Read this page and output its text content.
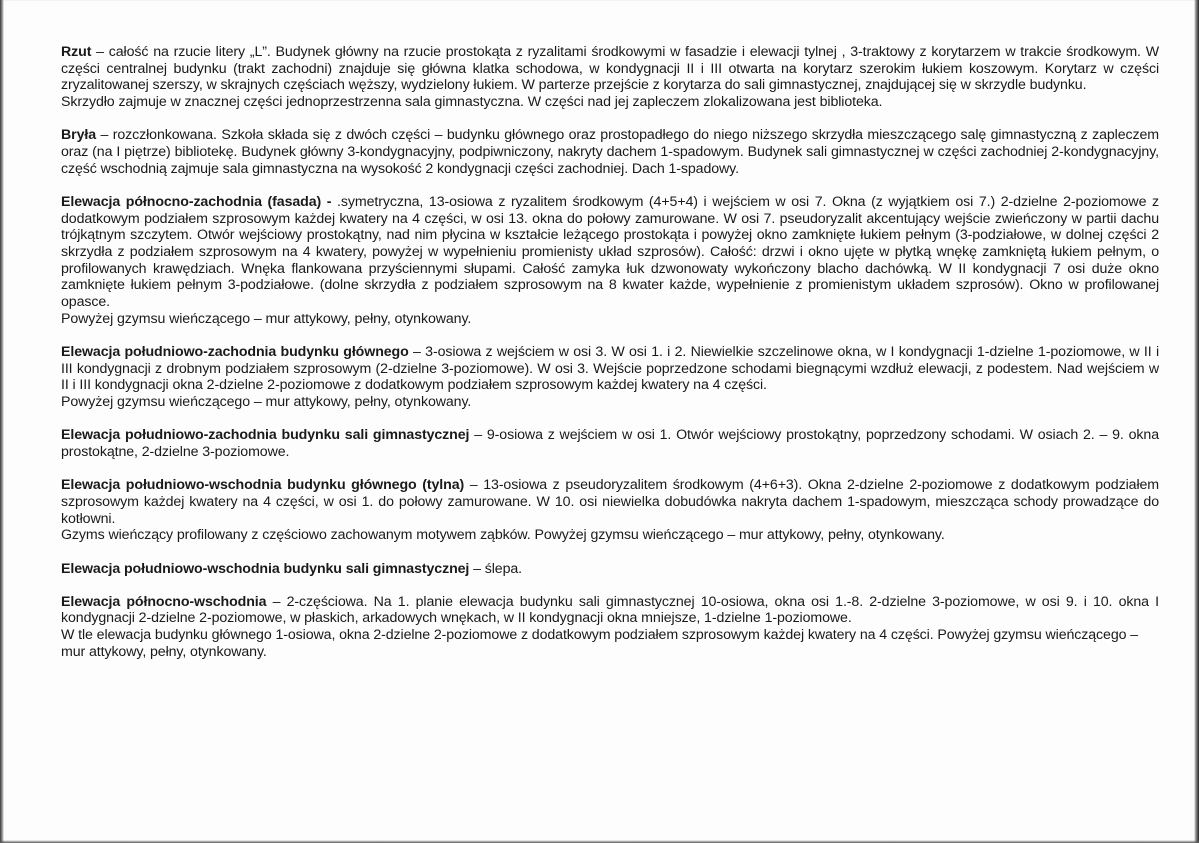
Rzut – całość na rzucie litery „L”. Budynek główny na rzucie prostokąta z ryzalitami środkowymi w fasadzie i elewacji tylnej , 3-traktowy z korytarzem w trakcie środkowym. W części centralnej budynku (trakt zachodni) znajduje się główna klatka schodowa, w kondygnacji II i III otwarta na korytarz szerokim łukiem koszowym. Korytarz w części zryzalitowanej szerszy, w skrajnych częściach węższy, wydzielony łukiem. W parterze przejście z korytarza do sali gimnastycznej, znajdującej się w skrzydle budynku.

Skrzydło zajmuje w znacznej części jednoprzestrzenna sala gimnastyczna. W części nad jej zapleczem zlokalizowana jest biblioteka.

Bryła – rozczłonkowana. Szkoła składa się z dwóch części – budynku głównego oraz prostopadłego do niego niższego skrzydła mieszczącego salę gimnastyczną z zapleczem oraz (na I piętrze) bibliotekę. Budynek główny 3-kondygnacyjny, podpiwniczony, nakryty dachem 1-spadowym. Budynek sali gimnastycznej w części zachodniej 2-kondygnacyjny, część wschodnią zajmuje sala gimnastyczna na wysokość 2 kondygnacji części zachodniej. Dach 1-spadowy.

Elewacja północno-zachodnia (fasada) - .symetryczna, 13-osiowa z ryzalitem środkowym (4+5+4) i wejściem w osi 7. Okna (z wyjątkiem osi 7.) 2-dzielne 2-poziomowe z dodatkowym podziałem szprosowym każdej kwatery na 4 części, w osi 13. okna do połowy zamurowane. W osi 7. pseudoryzalit akcentujący wejście zwieńczony w partii dachu trójkątnym szczytem. Otwór wejściowy prostokątny, nad nim płycina w kształcie leżącego prostokąta i powyżej okno zamknięte łukiem pełnym (3-podziałowe, w dolnej części 2 skrzydła z podziałem szprosowym na 4 kwatery, powyżej w wypełnieniu promienisty układ szprosów). Całość: drzwi i okno ujęte w płytką wnękę zamkniętą łukiem pełnym, o profilowanych krawędziach. Wnęka flankowana przyściennymi słupami. Całość zamyka łuk dzwonowaty wykończony blacho dachówką. W II kondygnacji 7 osi duże okno zamknięte łukiem pełnym 3-podziałowe. (dolne skrzydła z podziałem szprosowym na 8 kwater każde, wypełnienie z promienistym układem szprosów). Okno w profilowanej opasce.

Powyżej gzymsu wieńczącego – mur attykowy, pełny, otynkowany.

Elewacja południowo-zachodnia budynku głównego – 3-osiowa z wejściem w osi 3. W osi 1. i 2. Niewielkie szczelinowe okna, w I kondygnacji 1-dzielne 1-poziomowe, w II i III kondygnacji z drobnym podziałem szprosowym (2-dzielne 3-poziomowe). W osi 3. Wejście poprzedzone schodami biegnącymi wzdłuż elewacji, z podestem. Nad wejściem w II i III kondygnacji okna 2-dzielne 2-poziomowe z dodatkowym podziałem szprosowym każdej kwatery na 4 części.

Powyżej gzymsu wieńczącego – mur attykowy, pełny, otynkowany.

Elewacja południowo-zachodnia budynku sali gimnastycznej – 9-osiowa z wejściem w osi 1. Otwór wejściowy prostokątny, poprzedzony schodami. W osiach 2. – 9. okna prostokątne, 2-dzielne 3-poziomowe.

Elewacja południowo-wschodnia budynku głównego (tylna) – 13-osiowa z pseudoryzalitem środkowym (4+6+3). Okna 2-dzielne 2-poziomowe z dodatkowym podziałem szprosowym każdej kwatery na 4 części, w osi 1. do połowy zamurowane. W 10. osi niewielka dobudówka nakryta dachem 1-spadowym, mieszcząca schody prowadzące do kotłowni.

Gzyms wieńczący profilowany z częściowo zachowanym motywem ząbków. Powyżej gzymsu wieńczącego – mur attykowy, pełny, otynkowany.

Elewacja południowo-wschodnia budynku sali gimnastycznej – ślepa.

Elewacja północno-wschodnia – 2-częściowa. Na 1. planie elewacja budynku sali gimnastycznej 10-osiowa, okna osi 1.-8. 2-dzielne 3-poziomowe, w osi 9. i 10. okna I kondygnacji 2-dzielne 2-poziomowe, w płaskich, arkadowych wnękach, w II kondygnacji okna mniejsze, 1-dzielne 1-poziomowe.

W tle elewacja budynku głównego 1-osiowa, okna 2-dzielne 2-poziomowe z dodatkowym podziałem szprosowym każdej kwatery na 4 części. Powyżej gzymsu wieńczącego – mur attykowy, pełny, otynkowany.
